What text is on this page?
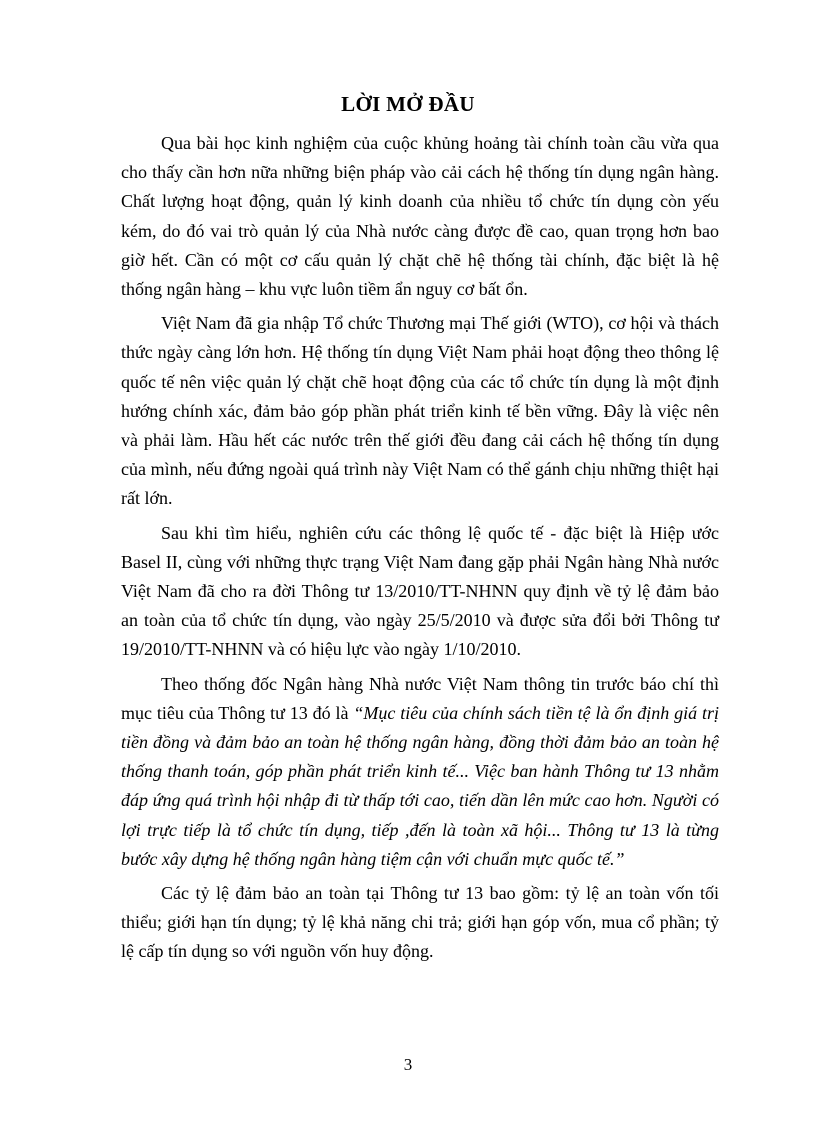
LỜI MỞ ĐẦU

Qua bài học kinh nghiệm của cuộc khủng hoảng tài chính toàn cầu vừa qua cho thấy cần hơn nữa những biện pháp vào cải cách hệ thống tín dụng ngân hàng. Chất lượng hoạt động, quản lý kinh doanh của nhiều tổ chức tín dụng còn yếu kém, do đó vai trò quản lý của Nhà nước càng được đề cao, quan trọng hơn bao giờ hết. Cần có một cơ cấu quản lý chặt chẽ hệ thống tài chính, đặc biệt là hệ thống ngân hàng – khu vực luôn tiềm ẩn nguy cơ bất ổn.

Việt Nam đã gia nhập Tổ chức Thương mại Thế giới (WTO), cơ hội và thách thức ngày càng lớn hơn. Hệ thống tín dụng Việt Nam phải hoạt động theo thông lệ quốc tế nên việc quản lý chặt chẽ hoạt động của các tổ chức tín dụng là một định hướng chính xác, đảm bảo góp phần phát triển kinh tế bền vững. Đây là việc nên và phải làm. Hầu hết các nước trên thế giới đều đang cải cách hệ thống tín dụng của mình, nếu đứng ngoài quá trình này Việt Nam có thể gánh chịu những thiệt hại rất lớn.

Sau khi tìm hiểu, nghiên cứu các thông lệ quốc tế - đặc biệt là Hiệp ước Basel II, cùng với những thực trạng Việt Nam đang gặp phải Ngân hàng Nhà nước Việt Nam đã cho ra đời Thông tư 13/2010/TT-NHNN quy định về tỷ lệ đảm bảo an toàn của tổ chức tín dụng, vào ngày 25/5/2010 và được sửa đổi bởi Thông tư 19/2010/TT-NHNN và có hiệu lực vào ngày 1/10/2010.

Theo thống đốc Ngân hàng Nhà nước Việt Nam thông tin trước báo chí thì mục tiêu của Thông tư 13 đó là “Mục tiêu của chính sách tiền tệ là ổn định giá trị tiền đồng và đảm bảo an toàn hệ thống ngân hàng, đồng thời đảm bảo an toàn hệ thống thanh toán, góp phần phát triển kinh tế... Việc ban hành Thông tư 13 nhằm đáp ứng quá trình hội nhập đi từ thấp tới cao, tiến dần lên mức cao hơn. Người có lợi trực tiếp là tổ chức tín dụng, tiếp ,đến là toàn xã hội... Thông tư 13 là từng bước xây dựng hệ thống ngân hàng tiệm cận với chuẩn mực quốc tế.”

Các tỷ lệ đảm bảo an toàn tại Thông tư 13 bao gồm: tỷ lệ an toàn vốn tối thiểu; giới hạn tín dụng; tỷ lệ khả năng chi trả; giới hạn góp vốn, mua cổ phần; tỷ lệ cấp tín dụng so với nguồn vốn huy động.

3
